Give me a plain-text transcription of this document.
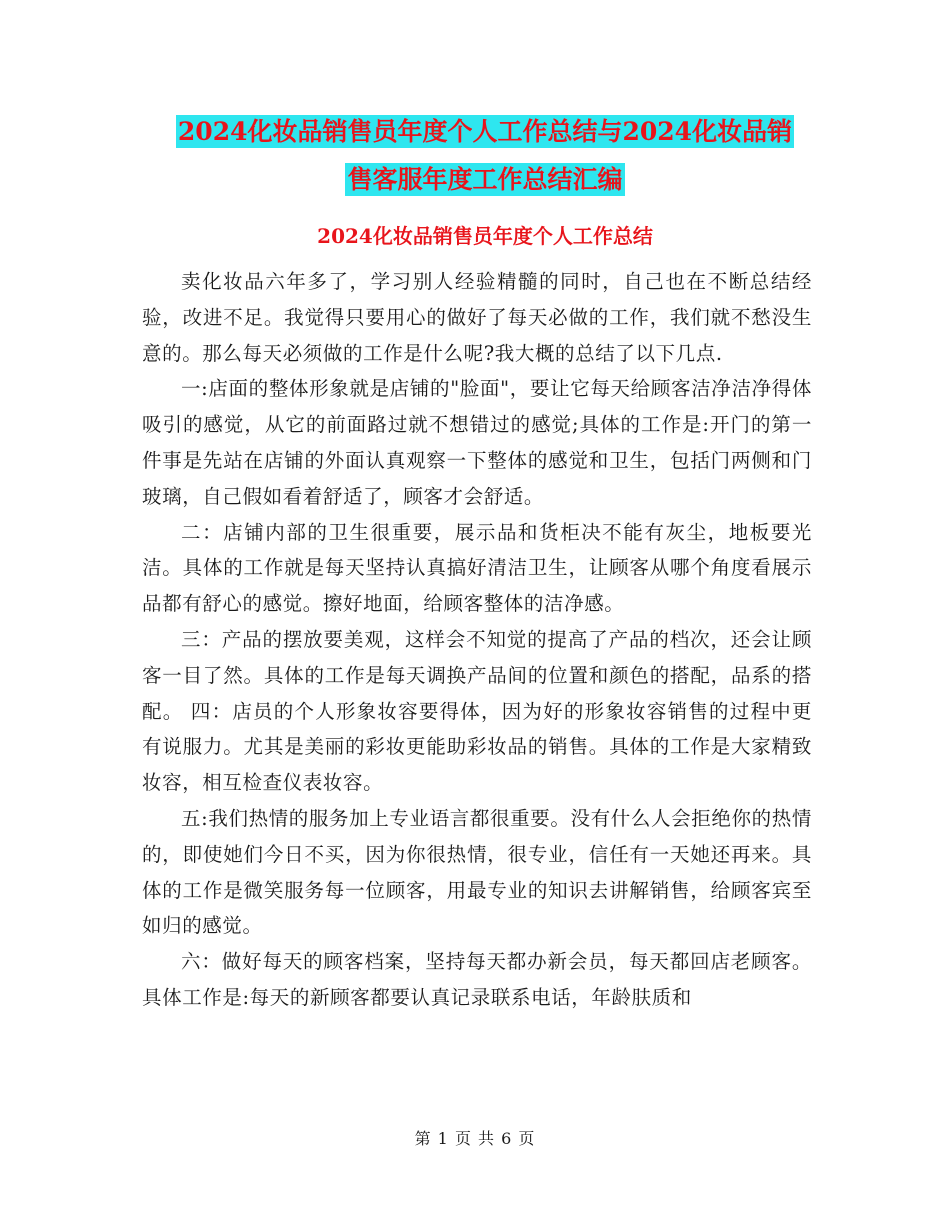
2024化妆品销售员年度个人工作总结与2024化妆品销
售客服年度工作总结汇编
2024化妆品销售员年度个人工作总结

卖化妆品六年多了，学习别人经验精髓的同时，自己也在不断总结经验，改进不足。我觉得只要用心的做好了每天必做的工作，我们就不愁没生意的。那么每天必须做的工作是什么呢?我大概的总结了以下几点.

一:店面的整体形象就是店铺的"脸面"，要让它每天给顾客洁净洁净得体吸引的感觉，从它的前面路过就不想错过的感觉;具体的工作是:开门的第一件事是先站在店铺的外面认真观察一下整体的感觉和卫生，包括门两侧和门玻璃，自己假如看着舒适了，顾客才会舒适。

二：店铺内部的卫生很重要，展示品和货柜决不能有灰尘，地板要光洁。具体的工作就是每天坚持认真搞好清洁卫生，让顾客从哪个角度看展示品都有舒心的感觉。擦好地面，给顾客整体的洁净感。

三：产品的摆放要美观，这样会不知觉的提高了产品的档次，还会让顾客一目了然。具体的工作是每天调换产品间的位置和颜色的搭配，品系的搭配。 四：店员的个人形象妆容要得体，因为好的形象妆容销售的过程中更有说服力。尤其是美丽的彩妆更能助彩妆品的销售。具体的工作是大家精致妆容，相互检查仪表妆容。

五:我们热情的服务加上专业语言都很重要。没有什么人会拒绝你的热情的，即使她们今日不买，因为你很热情，很专业，信任有一天她还再来。具体的工作是微笑服务每一位顾客，用最专业的知识去讲解销售，给顾客宾至如归的感觉。

六：做好每天的顾客档案，坚持每天都办新会员，每天都回店老顾客。具体工作是:每天的新顾客都要认真记录联系电话，年龄肤质和

第 1 页 共 6 页
